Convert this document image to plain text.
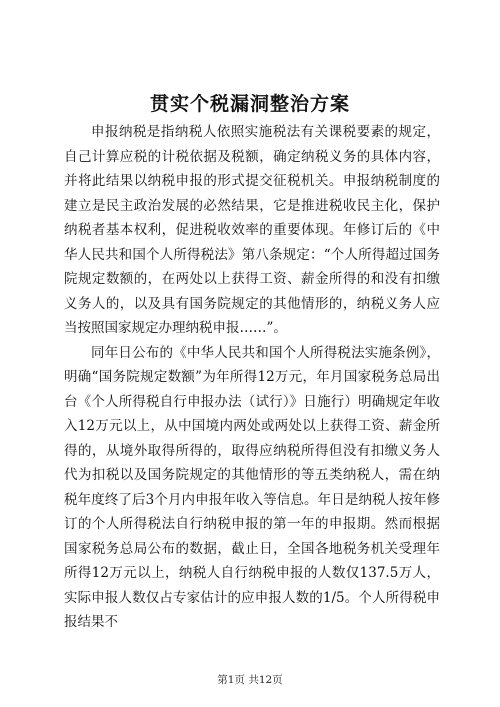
贯实个税漏洞整治方案

申报纳税是指纳税人依照实施税法有关课税要素的规定，自己计算应税的计税依据及税额，确定纳税义务的具体内容，并将此结果以纳税申报的形式提交征税机关。申报纳税制度的建立是民主政治发展的必然结果，它是推进税收民主化，保护纳税者基本权利，促进税收效率的重要体现。年修订后的《中华人民共和国个人所得税法》第八条规定：“个人所得超过国务院规定数额的，在两处以上获得工资、薪金所得的和没有扣缴义务人的，以及具有国务院规定的其他情形的，纳税义务人应当按照国家规定办理纳税申报……”。

同年日公布的《中华人民共和国个人所得税法实施条例》，明确“国务院规定数额”为年所得12万元，年月国家税务总局出台《个人所得税自行申报办法（试行）》日施行）明确规定年收入12万元以上，从中国境内两处或两处以上获得工资、薪金所得的，从境外取得所得的，取得应纳税所得但没有扣缴义务人代为扣税以及国务院规定的其他情形的等五类纳税人，需在纳税年度终了后3个月内申报年收入等信息。年日是纳税人按年修订的个人所得税法自行纳税申报的第一年的申报期。然而根据国家税务总局公布的数据，截止日，全国各地税务机关受理年所得12万元以上，纳税人自行纳税申报的人数仅137.5万人，实际申报人数仅占专家估计的应申报人数的1/5。个人所得税申报结果不

第1页 共12页
